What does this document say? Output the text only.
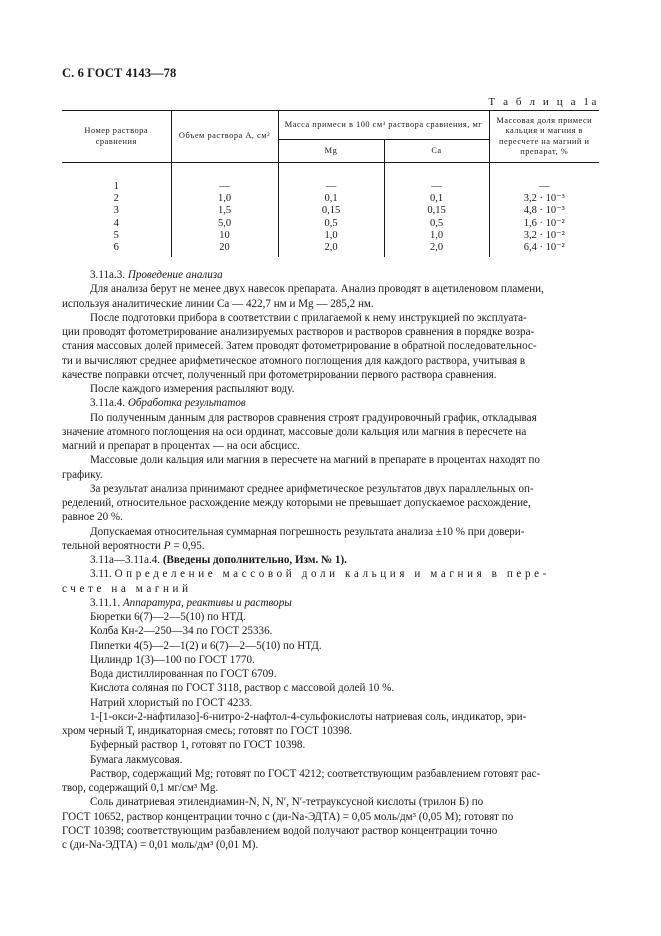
С. 6 ГОСТ 4143—78
Т а б л и ц а 1а
Номер раствора сравнения	Объем раствора А, см²	Масса примеси в 100 см³ раствора сравнения, мг		Массовая доля примеси кальция и магния в пересчете на магний и препарат, %
		Mg	Ca	
1	—	—	—	—
2	1,0	0,1	0,1	3,2 · 10⁻³
3	1,5	0,15	0,15	4,8 · 10⁻³
4	5,0	0,5	0,5	1,6 · 10⁻²
5	10	1,0	1,0	3,2 · 10⁻²
6	20	2,0	2,0	6,4 · 10⁻²

3.11а.3. Проведение анализа

Для анализа берут не менее двух навесок препарата. Анализ проводят в ацетиленовом пламени,

используя аналитические линии Ca — 422,7 нм и Mg — 285,2 нм.

После подготовки прибора в соответствии с прилагаемой к нему инструкцией по эксплуата-

ции проводят фотометрирование анализируемых растворов и растворов сравнения в порядке возра-

стания массовых долей примесей. Затем проводят фотометрирование в обратной последовательнос-

ти и вычисляют среднее арифметическое атомного поглощения для каждого раствора, учитывая в

качестве поправки отсчет, полученный при фотометрировании первого раствора сравнения.

После каждого измерения распыляют воду.

3.11а.4. Обработка результатов

По полученным данным для растворов сравнения строят градуировочный график, откладывая

значение атомного поглощения на оси ординат, массовые доли кальция или магния в пересчете на

магний и препарат в процентах — на оси абсцисс.

Массовые доли кальция или магния в пересчете на магний в препарате в процентах находят по

графику.

За результат анализа принимают среднее арифметическое результатов двух параллельных оп-

ределений, относительное расхождение между которыми не превышает допускаемое расхождение,

равное 20 %.

Допускаемая относительная суммарная погрешность результата анализа ±10 % при довери-

тельной вероятности P = 0,95.

3.11а—3.11а.4. (Введены дополнительно, Изм. № 1).

3.11. Определение массовой доли кальция и магния в пере-

счете на магний

3.11.1. Аппаратура, реактивы и растворы

Бюретки 6(7)—2—5(10) по НТД.

Колба Кн-2—250—34 по ГОСТ 25336.

Пипетки 4(5)—2—1(2) и 6(7)—2—5(10) по НТД.

Цилиндр 1(3)—100 по ГОСТ 1770.

Вода дистиллированная по ГОСТ 6709.

Кислота соляная по ГОСТ 3118, раствор с массовой долей 10 %.

Натрий хлористый по ГОСТ 4233.

1-[1-окси-2-нафтилазо]-6-нитро-2-нафтол-4-сульфокислоты натриевая соль, индикатор, эри-

хром черный Т, индикаторная смесь; готовят по ГОСТ 10398.

Буферный раствор 1, готовят по ГОСТ 10398.

Бумага лакмусовая.

Раствор, содержащий Mg; готовят по ГОСТ 4212; соответствующим разбавлением готовят рас-

твор, содержащий 0,1 мг/см³ Mg.

Соль динатриевая этилендиамин-N, N, N′, N′-тетрауксусной кислоты (трилон Б) по

ГОСТ 10652, раствор концентрации точно с (ди-Na-ЭДТА) = 0,05 моль/дм³ (0,05 М); готовят по

ГОСТ 10398; соответствующим разбавлением водой получают раствор концентрации точно

с (ди-Na-ЭДТА) = 0,01 моль/дм³ (0,01 М).
